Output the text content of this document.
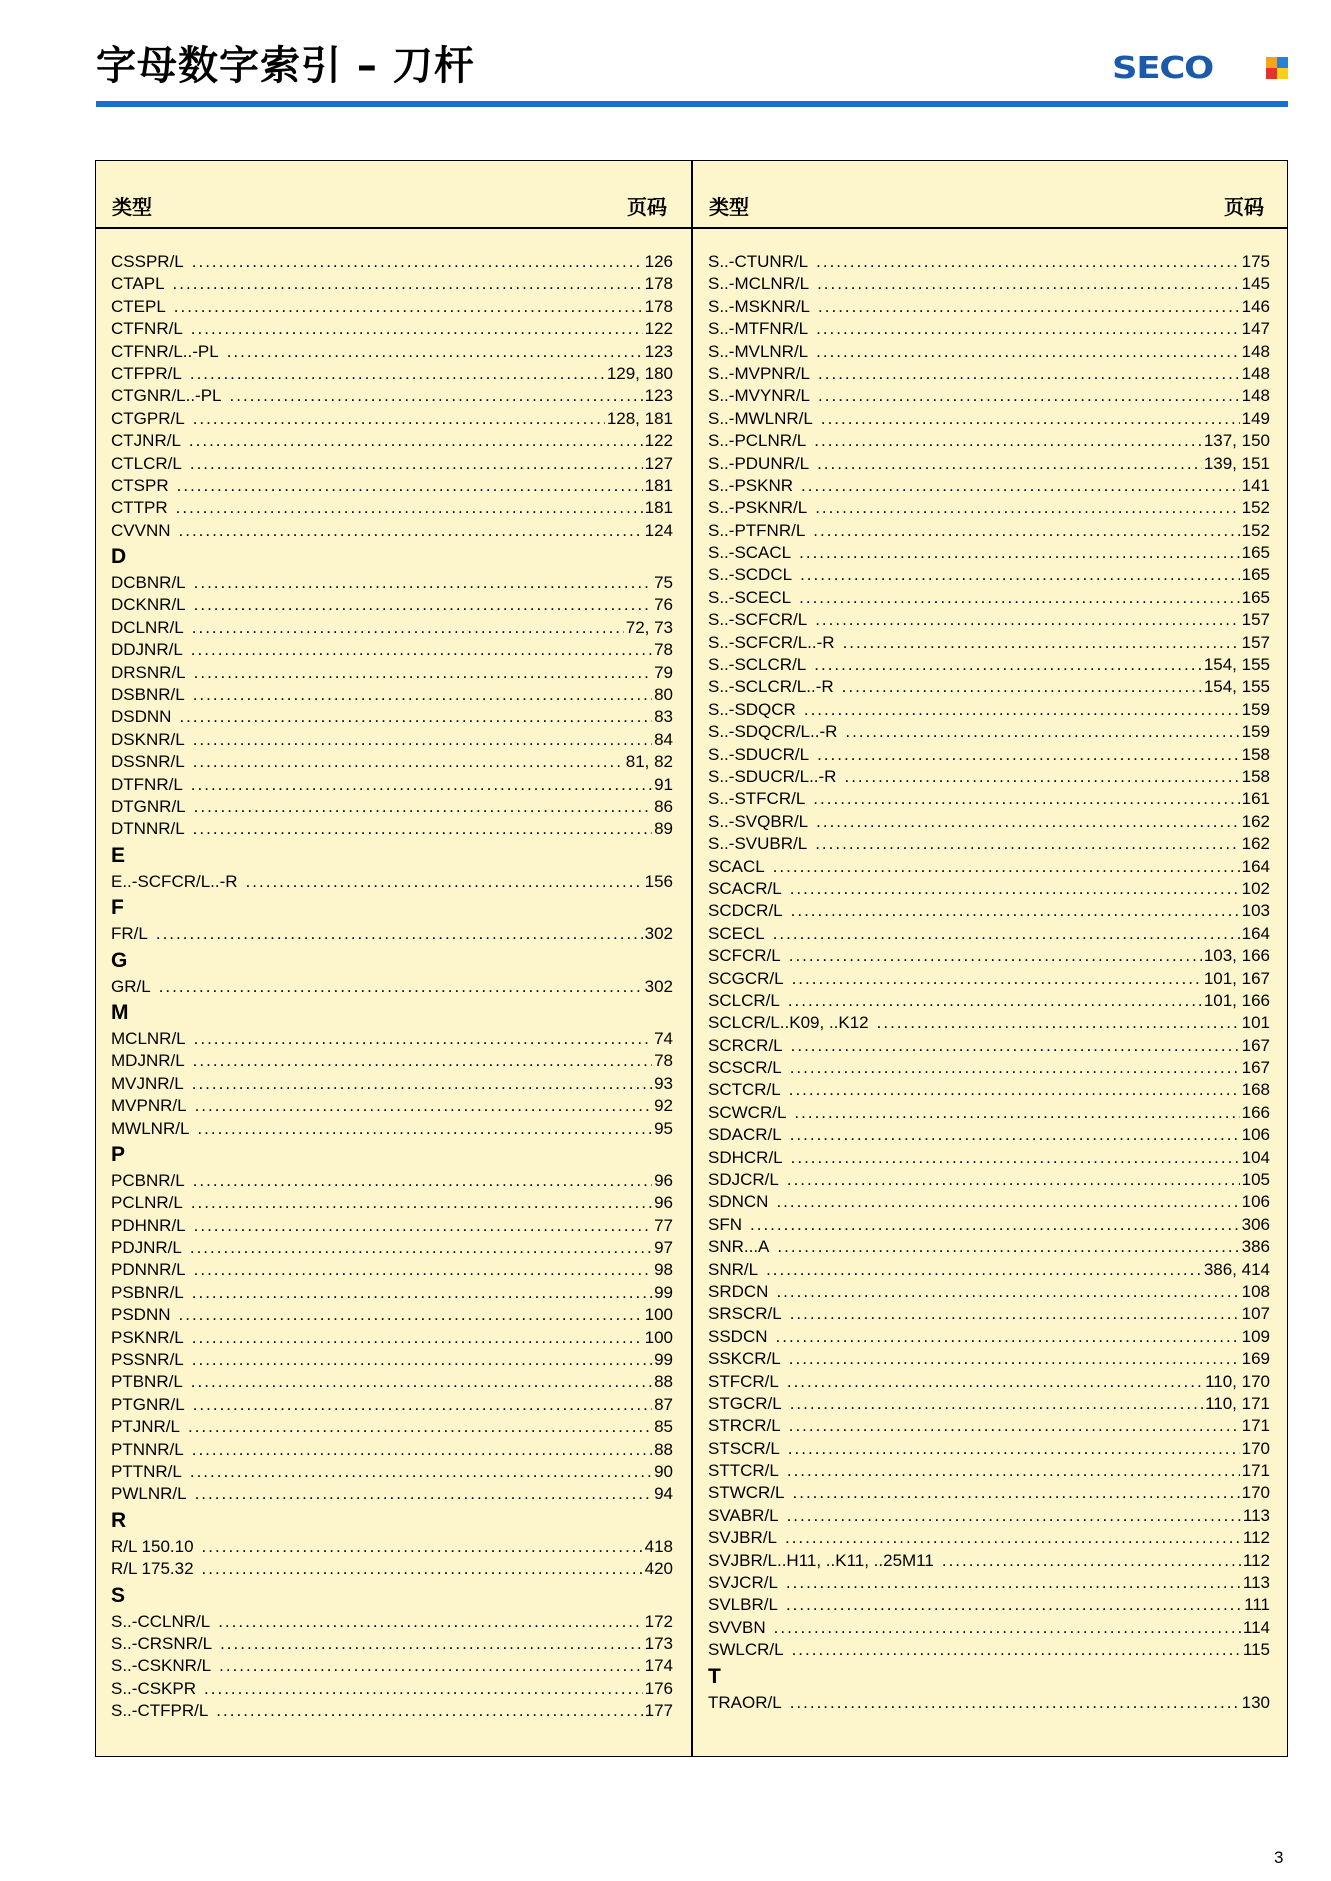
字母数字索引 – 刀杆	SECO
类型	页码 类型	页码
CSSPR/L .....	126
CTAPL .....	178
CTEPL .....	178
CTFNR/L .....	122
CTFNR/L..-PL .....	123
CTFPR/L .....	129, 180
CTGNR/L..-PL .....	123
CTGPR/L .....	128, 181
CTJNR/L .....	122
CTLCR/L .....	127
CTSPR .....	181
CTTPR .....	181
CVVNN .....	124
D
DCBNR/L .....	75
DCKNR/L .....	76
DCLNR/L .....	72, 73
DDJNR/L .....	78
DRSNR/L .....	79
DSBNR/L .....	80
DSDNN .....	83
DSKNR/L .....	84
DSSNR/L .....	81, 82
DTFNR/L .....	91
DTGNR/L .....	86
DTNNR/L .....	89
E
E..-SCFCR/L..-R .....	156
F
FR/L .....	302
G
GR/L .....	302
M
MCLNR/L .....	74
MDJNR/L .....	78
MVJNR/L .....	93
MVPNR/L .....	92
MWLNR/L .....	95
P
PCBNR/L .....	96
PCLNR/L .....	96
PDHNR/L .....	77
PDJNR/L .....	97
PDNNR/L .....	98
PSBNR/L .....	99
PSDNN .....	100
PSKNR/L .....	100
PSSNR/L .....	99
PTBNR/L .....	88
PTGNR/L .....	87
PTJNR/L .....	85
PTNNR/L .....	88
PTTNR/L .....	90
PWLNR/L .....	94
R
R/L 150.10 .....	418
R/L 175.32 .....	420
S
S..-CCLNR/L .....	172
S..-CRSNR/L .....	173
S..-CSKNR/L .....	174
S..-CSKPR .....	176
S..-CTFPR/L .....	177
S..-CTUNR/L .....	175
S..-MCLNR/L .....	145
S..-MSKNR/L .....	146
S..-MTFNR/L .....	147
S..-MVLNR/L .....	148
S..-MVPNR/L .....	148
S..-MVYNR/L .....	148
S..-MWLNR/L .....	149
S..-PCLNR/L .....	137, 150
S..-PDUNR/L .....	139, 151
S..-PSKNR .....	141
S..-PSKNR/L .....	152
S..-PTFNR/L .....	152
S..-SCACL .....	165
S..-SCDCL .....	165
S..-SCECL .....	165
S..-SCFCR/L .....	157
S..-SCFCR/L..-R .....	157
S..-SCLCR/L .....	154, 155
S..-SCLCR/L..-R .....	154, 155
S..-SDQCR .....	159
S..-SDQCR/L..-R .....	159
S..-SDUCR/L .....	158
S..-SDUCR/L..-R .....	158
S..-STFCR/L .....	161
S..-SVQBR/L .....	162
S..-SVUBR/L .....	162
SCACL .....	164
SCACR/L .....	102
SCDCR/L .....	103
SCECL .....	164
SCFCR/L .....	103, 166
SCGCR/L .....	101, 167
SCLCR/L .....	101, 166
SCLCR/L..K09, ..K12 .....	101
SCRCR/L .....	167
SCSCR/L .....	167
SCTCR/L .....	168
SCWCR/L .....	166
SDACR/L .....	106
SDHCR/L .....	104
SDJCR/L .....	105
SDNCN .....	106
SFN .....	306
SNR...A .....	386
SNR/L .....	386, 414
SRDCN .....	108
SRSCR/L .....	107
SSDCN .....	109
SSKCR/L .....	169
STFCR/L .....	110, 170
STGCR/L .....	110, 171
STRCR/L .....	171
STSCR/L .....	170
STTCR/L .....	171
STWCR/L .....	170
SVABR/L .....	113
SVJBR/L .....	112
SVJBR/L..H11, ..K11, ..25M11 .....	112
SVJCR/L .....	113
SVLBR/L .....	111
SVVBN .....	114
SWLCR/L .....	115
T
TRAOR/L .....	130
3
